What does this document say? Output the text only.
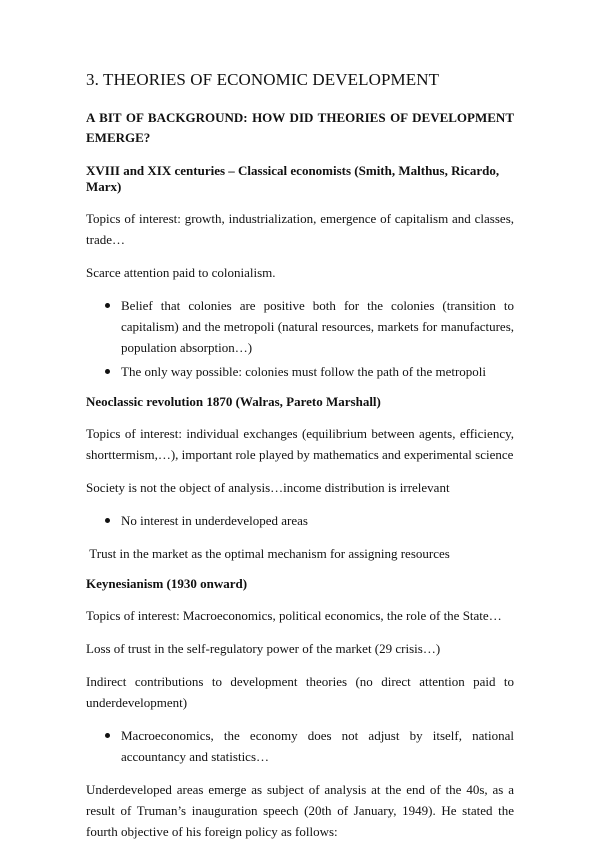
3. THEORIES OF ECONOMIC DEVELOPMENT
A BIT OF BACKGROUND: HOW DID THEORIES OF DEVELOPMENT EMERGE?
XVIII and XIX centuries – Classical economists (Smith, Malthus, Ricardo, Marx)
Topics of interest: growth, industrialization, emergence of capitalism and classes, trade…
Scarce attention paid to colonialism.
Belief that colonies are positive both for the colonies (transition to capitalism) and the metropoli (natural resources, markets for manufactures, population absorption…)
The only way possible: colonies must follow the path of the metropoli
Neoclassic revolution 1870 (Walras, Pareto Marshall)
Topics of interest: individual exchanges (equilibrium between agents, efficiency, shorttermism,…), important role played by mathematics and experimental science
Society is not the object of analysis…income distribution is irrelevant
No interest in underdeveloped areas
Trust in the market as the optimal mechanism for assigning resources
Keynesianism (1930 onward)
Topics of interest: Macroeconomics, political economics, the role of the State…
Loss of trust in the self-regulatory power of the market (29 crisis…)
Indirect contributions to development theories (no direct attention paid to underdevelopment)
Macroeconomics, the economy does not adjust by itself, national accountancy and statistics…
Underdeveloped areas emerge as subject of analysis at the end of the 40s, as a result of Truman’s inauguration speech (20th of January, 1949). He stated the fourth objective of his foreign policy as follows:
